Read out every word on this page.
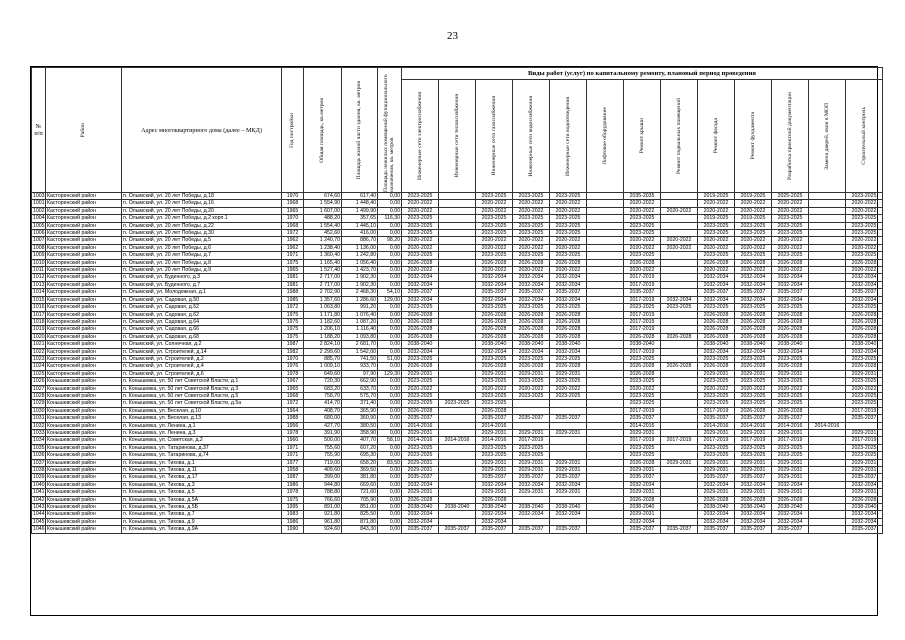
23
№ п/п	Район	Адрес многоквартирного дома (далее – МКД)	Год постройки	Общая площадь, кв.метров	Площадь жилой части здания, кв. метров	Площадь нежилых помещений функционального назначения, кв. метров	Виды работ (услуг) по капитальному ремонту, плановый период проведения												

							Инженерные сети электроснабжения	Инженерные сети теплоснабжения	Инженерные сети газоснабжения	Инженерные сети водоснабжения	Инженерные сети водоотведения	Лифтовое оборудование	Ремонт крыши	Ремонт подвальных помещений	Ремонт фасада	Ремонт фундамента	Разработка проектной документации	Замена дверей, окон в МОП	Строительный контроль

1003	Касторенский район	п. Олымский, ул. 20 лет Победы, д.18	1970	674,60	617,40	0,00	2023-2025		2023-2025	2023-2025	2023-2025		2035-2035		2019-2025	2019-2025	2025-2025		2023-2025
1001	Касторенский район	п. Олымский, ул. 20 лет Победы, д.16	1968	1 554,90	1 448,40	0,00	2020-2022		2020-2022	2020-2022	2020-2022		2020-2022		2020-2022	2020-2022	2020-2022		2020-2022
1002	Касторенский район	п. Олымский, ул. 20 лет Победы, д.20	1965	1 607,00	1 499,90	0,00	2020-2022		2020-2022	2020-2022	2020-2022		2020-2022	2020-2022	2020-2022	2020-2022	2020-2022		2020-2022
1004	Касторенский район	п. Олымский, ул. 20 лет Победы, д.2 корп.1	1970	488,20	357,65	116,30	2023-2025		2023-2025	2023-2025	2023-2025		2023-2025		2019-2025	2019-2025	2023-2025		2023-2025
1005	Касторенский район	п. Олымский, ул. 20 лет Победы, д.22	1968	1 554,40	1 445,10	0,00	2023-2025		2023-2025	2023-2025	2023-2025		2023-2025		2023-2025	2023-2025	2023-2025		2023-2025
1006	Касторенский район	п. Олымский, ул. 20 лет Победы, д.30	1972	452,60	416,00	0,00	2023-2025		2023-2025	2023-2025	2023-2025		2023-2025		2023-2025	2023-2025	2023-2025		2023-2025
1007	Касторенский район	п. Олымский, ул. 20 лет Победы, д.5	1962	1 240,70	886,70	98,20	2020-2022		2020-2022	2020-2022	2020-2022		2020-2022	2020-2022	2020-2022	2020-2022	2020-2022		2020-2022
1008	Касторенский район	п. Олымский, ул. 20 лет Победы, д.6	1962	1 238,40	1 136,00	0,00	2020-2022		2020-2022	2020-2022	2020-2022		2020-2022	2020-2022	2020-2022	2020-2022	2020-2022		2020-2022
1009	Касторенский район	п. Олымский, ул. 20 лет Победы, д.7	1971	1 360,40	1 242,80	0,00	2023-2025		2023-2025	2023-2025	2023-2025		2023-2025		2023-2025	2023-2025	2023-2025		2023-2025
1010	Касторенский район	п. Олымский, ул. 20 лет Победы, д.8	1975	1 165,40	1 056,40	0,00	2026-2028		2026-2028	2026-2028	2026-2028		2026-2028		2026-2028	2026-2028	2026-2028		2026-2028
1011	Касторенский район	п. Олымский, ул. 20 лет Победы, д.9	1965	1 527,40	1 423,70	0,00	2020-2022		2020-2022	2020-2022	2020-2022		2020-2022		2020-2022	2020-2022	2020-2022		2020-2022
1012	Касторенский район	п. Олымский, ул. Буденного, д.3	1981	2 717,00	1 902,30	0,00	2032-2034		2032-2034	2032-2034	2032-2034		2017-2019		2032-2034	2032-2034	2032-2034		2032-2034
1013	Касторенский район	п. Олымский, ул. Буденного, д.7	1981	2 717,00	1 902,30	0,00	2032-2034		2032-2034	2032-2034	2032-2034		2017-2019		2032-2034	2032-2034	2032-2034		2032-2034
1014	Касторенский район	п. Олымский, ул. Молодежная, д.1	1988	2 702,90	2 468,30	54,10	2035-2037		2035-2037	2035-2037	2035-2037		2035-2037		2035-2037	2035-2037	2035-2037		2035-2037
1015	Касторенский район	п. Олымский, ул. Садовая, д.50	1985	1 357,60	1 286,60	129,00	2032-2034		2032-2034	2032-2034	2032-2034		2017-2019	2032-2034	2032-2034	2032-2034	2032-2034		2032-2034
1016	Касторенский район	п. Олымский, ул. Садовая, д.52	1972	1 063,80	991,20	0,00	2023-2025		2023-2025	2023-2025	2023-2025		2023-2025	2023-2025	2023-2025	2023-2025	2023-2025		2023-2025
1017	Касторенский район	п. Олымский, ул. Садовая, д.62	1975	1 171,80	1 076,40	0,00	2026-2028		2026-2028	2026-2028	2026-2028		2017-2019		2026-2028	2026-2028	2026-2028		2026-2028
1018	Касторенский район	п. Олымский, ул. Садовая, д.64	1975	1 182,60	1 087,20	0,00	2026-2028		2026-2028	2026-2028	2026-2028		2017-2019		2026-2028	2026-2028	2026-2028		2026-2028
1019	Касторенский район	п. Олымский, ул. Садовая, д.66	1975	1 206,10	1 116,40	0,00	2026-2028		2026-2028	2026-2028	2026-2028		2017-2019		2026-2028	2026-2028	2026-2028		2026-2028
1020	Касторенский район	п. Олымский, ул. Садовая, д.68	1975	1 188,20	1 093,80	0,00	2026-2028		2026-2028	2026-2028	2026-2028		2026-2028	2026-2028	2026-2028	2026-2028	2026-2028		2026-2028
1021	Касторенский район	п. Олымский, ул. Солнечная, д.2	1987	2 824,10	2 681,70	0,00	2038-2040		2038-2040	2038-2040	2038-2040		2038-2040		2038-2040	2038-2040	2038-2040		2038-2040
1022	Касторенский район	п. Олымский, ул. Строителей, д.14	1982	2 299,60	1 542,00	0,00	2032-2034		2032-2034	2032-2034	2032-2034		2017-2019		2032-2034	2032-2034	2032-2034		2032-2034
1023	Касторенский район	п. Олымский, ул. Строителей, д.2	1970	885,70	741,50	51,00	2023-2025		2023-2025	2023-2025	2023-2025		2023-2025		2023-2025	2023-2025	2023-2025		2023-2025
1024	Касторенский район	п. Олымский, ул. Строителей, д.4	1976	1 009,10	933,70	0,00	2026-2028		2026-2028	2026-2028	2026-2028		2026-2028	2026-2028	2026-2028	2026-2028	2026-2028		2026-2028
1025	Касторенский район	п. Олымский, ул. Строителей, д.6	1978	649,60	97,90	129,30	2029-2031		2029-2031	2029-2031	2029-2031		2026-2028		2029-2031	2029-2031	2029-2031		2029-2031
1026	Конышевский район	п. Конышевка, ул. 50 лет Советской Власти, д.1	1967	720,30	662,90	0,00	2023-2025		2023-2025	2023-2025	2023-2025		2023-2025		2023-2025	2023-2025	2023-2025		2023-2025
1027	Конышевский район	п. Конышевка, ул. 50 лет Советской Власти, д.3	1965	683,20	633,70	0,00	2020-2022		2020-2022	2020-2022	2020-2022		2020-2022		2020-2022	2020-2022	2020-2022		2020-2022
1028	Конышевский район	п. Конышевка, ул. 50 лет Советской Власти, д.5	1968	758,70	575,70	0,00	2023-2025		2023-2025	2023-2025	2023-2025		2023-2025		2023-2025	2023-2025	2023-2025		2023-2025
1029	Конышевский район	п. Конышевка, ул. 50 лет Советской Власти, д.5а	1972	414,70	371,40	0,00	2023-2025	2023-2025	2023-2025				2023-2025		2023-2025	2023-2025	2023-2025		2023-2025
1030	Конышевский район	п. Конышевка, ул. Веселая, д.10	1964	408,70	365,90	0,00	2026-2028		2026-2028				2017-2019		2017-2019	2026-2028	2026-2028		2017-2019
1031	Конышевский район	п. Конышевка, ул. Веселая, д.13	1988	680,00	360,90	0,00	2035-2037		2035-2037	2035-2037	2035-2037		2035-2037		2035-2037	2035-2037	2035-2037		2035-2037
1032	Конышевский район	п. Конышевка, ул. Ленина, д.1	1956	427,70	380,50	0,00	2014-2016		2014-2016				2014-2016		2014-2016	2014-2016	2014-2016	2014-2016	
1033	Конышевский район	п. Конышевка, ул. Ленина, д.3	1978	391,90	358,90	0,00	2029-2031		2029-2031	2029-2031	2029-2031		2029-2031		2029-2031	2029-2031	2029-2031		2029-2031
1034	Конышевский район	п. Конышевка, ул. Советская, д.2	1960	500,00	407,70	58,10	2014-2016	2014-2016	2014-2016	2017-2019			2017-2019	2017-2019	2017-2019	2017-2019	2017-2019		2017-2019
1035	Конышевский район	п. Конышевка, ул. Татаринова, д.37	1971	755,60	607,20	0,00	2023-2025		2023-2025	2023-2025			2023-2025		2023-2025	2023-2025	2023-2025		2023-2025
1036	Конышевский район	п. Конышевка, ул. Татаринова, д.74	1971	755,90	695,30	0,00	2023-2025		2023-2025	2023-2025			2023-2025		2023-2025	2023-2025	2023-2025		2023-2025
1037	Конышевский район	п. Конышевка, ул. Тихова, д.1	1977	719,00	658,20	83,50	2029-2031		2029-2031	2029-2031	2029-2031		2026-2028	2029-2031	2029-2031	2029-2031	2029-2031		2029-2031
1038	Конышевский район	п. Конышевка, ул. Тихова, д.11	1958	409,60	369,50	0,00	2029-2031		2029-2031	2029-2031	2029-2031		2029-2031		2029-2031	2029-2031	2029-2031		2029-2031
1039	Конышевский район	п. Конышевка, ул. Тихова, д.17	1987	399,00	381,80	0,00	2035-2037		2035-2037	2035-2037	2035-2037		2035-2037		2035-2037	2035-2037	2029-2031		2035-2037
1040	Конышевский район	п. Конышевка, ул. Тихова, д.3	1986	944,80	669,60	0,00	2032-2034		2032-2034	2032-2034	2032-2034		2032-2034		2032-2034	2032-2034	2032-2034		2032-2034
1041	Конышевский район	п. Конышевка, ул. Тихова, д.5	1978	788,80	721,60	0,00	2029-2031		2029-2031	2029-2031	2029-2031		2029-2031		2029-2031	2029-2031	2029-2031		2029-2031
1042	Конышевский район	п. Конышевка, ул. Тихова, д.5А	1975	766,60	705,90	0,00	2026-2028		2026-2028				2026-2028		2026-2028	2026-2028	2026-2028		2026-2028
1043	Конышевский район	п. Конышевка, ул. Тихова, д.5Б	1995	891,00	851,00	0,00	2038-2040	2038-2040	2038-2040	2038-2040	2038-2040		2038-2040		2038-2040	2038-2040	2038-2040		2038-2040
1044	Конышевский район	п. Конышевка, ул. Тихова, д.7	1983	921,80	825,50	0,00	2032-2034		2032-2034	2032-2034	2032-2034		2029-2031		2032-2034	2032-2034	2032-2034		2032-2034
1045	Конышевский район	п. Конышевка, ул. Тихова, д.9	1986	961,80	871,80	0,00	2032-2034		2032-2034				2032-2034		2032-2034	2032-2034	2032-2034		2032-2034
1046	Конышевский район	п. Конышевка, ул. Тихова, д.9А	1990	924,60	843,30	0,00	2035-2037	2035-2037	2035-2037	2035-2037	2035-2037		2035-2037	2035-2037	2035-2037	2035-2037	2035-2037		2035-2037
